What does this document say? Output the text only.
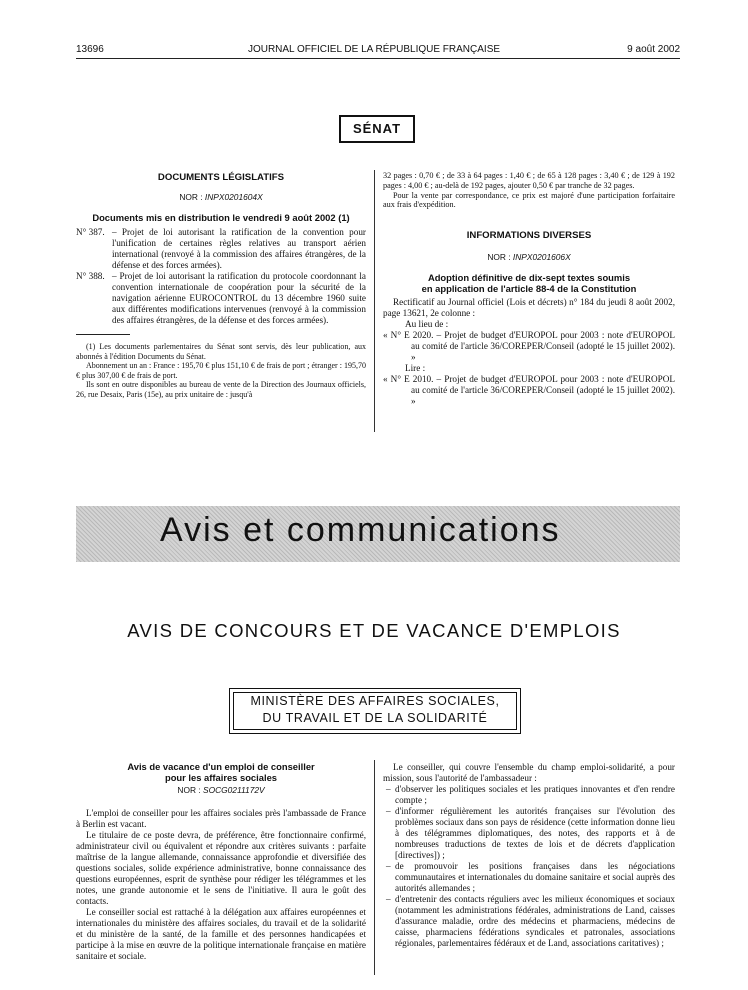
13696	JOURNAL OFFICIEL DE LA RÉPUBLIQUE FRANÇAISE	9 août 2002
SÉNAT
DOCUMENTS LÉGISLATIFS
NOR : INPX0201604X
Documents mis en distribution le vendredi 9 août 2002 (1)
N° 387. – Projet de loi autorisant la ratification de la convention pour l'unification de certaines règles relatives au transport aérien international (renvoyé à la commission des affaires étrangères, de la défense et des forces armées).
N° 388. – Projet de loi autorisant la ratification du protocole coordonnant la convention internationale de coopération pour la sécurité de la navigation aérienne EUROCONTROL du 13 décembre 1960 suite aux différentes modifications intervenues (renvoyé à la commission des affaires étrangères, de la défense et des forces armées).

(1) Les documents parlementaires du Sénat sont servis, dès leur publication, aux abonnés à l'édition Documents du Sénat.

Abonnement un an : France : 195,70 € plus 151,10 € de frais de port ; étranger : 195,70 € plus 307,00 € de frais de port.

Ils sont en outre disponibles au bureau de vente de la Direction des Journaux officiels, 26, rue Desaix, Paris (15e), au prix unitaire de : jusqu'à

32 pages : 0,70 € ; de 33 à 64 pages : 1,40 € ; de 65 à 128 pages : 3,40 € ; de 129 à 192 pages : 4,00 € ; au-delà de 192 pages, ajouter 0,50 € par tranche de 32 pages.

Pour la vente par correspondance, ce prix est majoré d'une participation forfaitaire aux frais d'expédition.

INFORMATIONS DIVERSES
NOR : INPX0201606X
Adoption définitive de dix-sept textes soumis
en application de l'article 88-4 de la Constitution

Rectificatif au Journal officiel (Lois et décrets) n° 184 du jeudi 8 août 2002, page 13621, 2e colonne :

Au lieu de :

« N° E 2020. – Projet de budget d'EUROPOL pour 2003 : note d'EUROPOL au comité de l'article 36/COREPER/Conseil (adopté le 15 juillet 2002). »

Lire :

« N° E 2010. – Projet de budget d'EUROPOL pour 2003 : note d'EUROPOL au comité de l'article 36/COREPER/Conseil (adopté le 15 juillet 2002). »

Avis et communications
AVIS DE CONCOURS ET DE VACANCE D'EMPLOIS
MINISTÈRE DES AFFAIRES SOCIALES,
DU TRAVAIL ET DE LA SOLIDARITÉ
Avis de vacance d'un emploi de conseiller
pour les affaires sociales
NOR : SOCG0211172V

L'emploi de conseiller pour les affaires sociales près l'ambassade de France à Berlin est vacant.

Le titulaire de ce poste devra, de préférence, être fonctionnaire confirmé, administrateur civil ou équivalent et répondre aux critères suivants : parfaite maîtrise de la langue allemande, connaissance approfondie et diversifiée des questions sociales, solide expérience administrative, bonne connaissance des questions européennes, esprit de synthèse pour rédiger les télégrammes et les notes, une grande autonomie et le sens de l'initiative. Il aura le goût des contacts.

Le conseiller social est rattaché à la délégation aux affaires européennes et internationales du ministère des affaires sociales, du travail et de la solidarité et du ministère de la santé, de la famille et des personnes handicapées et participe à la mise en œuvre de la politique internationale française en matière sanitaire et sociale.

Le conseiller, qui couvre l'ensemble du champ emploi-solidarité, a pour mission, sous l'autorité de l'ambassadeur :

– d'observer les politiques sociales et les pratiques innovantes et d'en rendre compte ;
– d'informer régulièrement les autorités françaises sur l'évolution des problèmes sociaux dans son pays de résidence (cette information donne lieu à des télégrammes diplomatiques, des notes, des rapports et à de nombreuses traductions de textes de lois et de décrets d'application [directives]) ;
– de promouvoir les positions françaises dans les négociations communautaires et internationales du domaine sanitaire et social auprès des autorités allemandes ;
– d'entretenir des contacts réguliers avec les milieux économiques et sociaux (notamment les administrations fédérales, administrations de Land, caisses d'assurance maladie, ordre des médecins et pharmaciens, médecins de caisse, pharmaciens fédérations syndicales et patronales, associations régionales, parlementaires fédéraux et de Land, associations caritatives) ;
